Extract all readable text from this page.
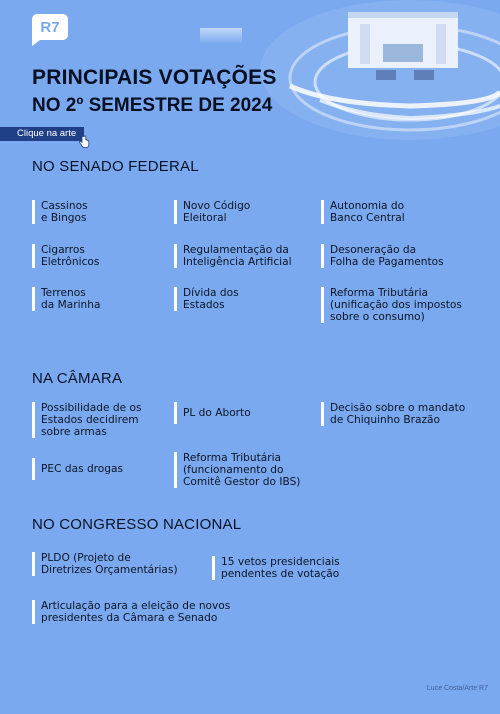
R7
PRINCIPAIS VOTAÇÕES
NO 2º SEMESTRE DE 2024
Clique na arte
NO SENADO FEDERAL
Cassinos
e Bingos
Novo Código
Eleitoral
Autonomia do
Banco Central
Cigarros
Eletrônicos
Regulamentação da
Inteligência Artificial
Desoneração da
Folha de Pagamentos
Terrenos
da Marinha
Dívida dos
Estados
Reforma Tributária
(unificação dos impostos
sobre o consumo)
NA CÂMARA
Possibilidade de os
Estados decidirem
sobre armas
PL do Aborto	Decisão sobre o mandato
de Chiquinho Brazão
PEC das drogas
Reforma Tributária
(funcionamento do
Comitê Gestor do IBS)
NO CONGRESSO NACIONAL
PLDO (Projeto de
Diretrizes Orçamentárias)
15 vetos presidenciais
pendentes de votação
Articulação para a eleição de novos
presidentes da Câmara e Senado
Luce Costa/Arte R7
